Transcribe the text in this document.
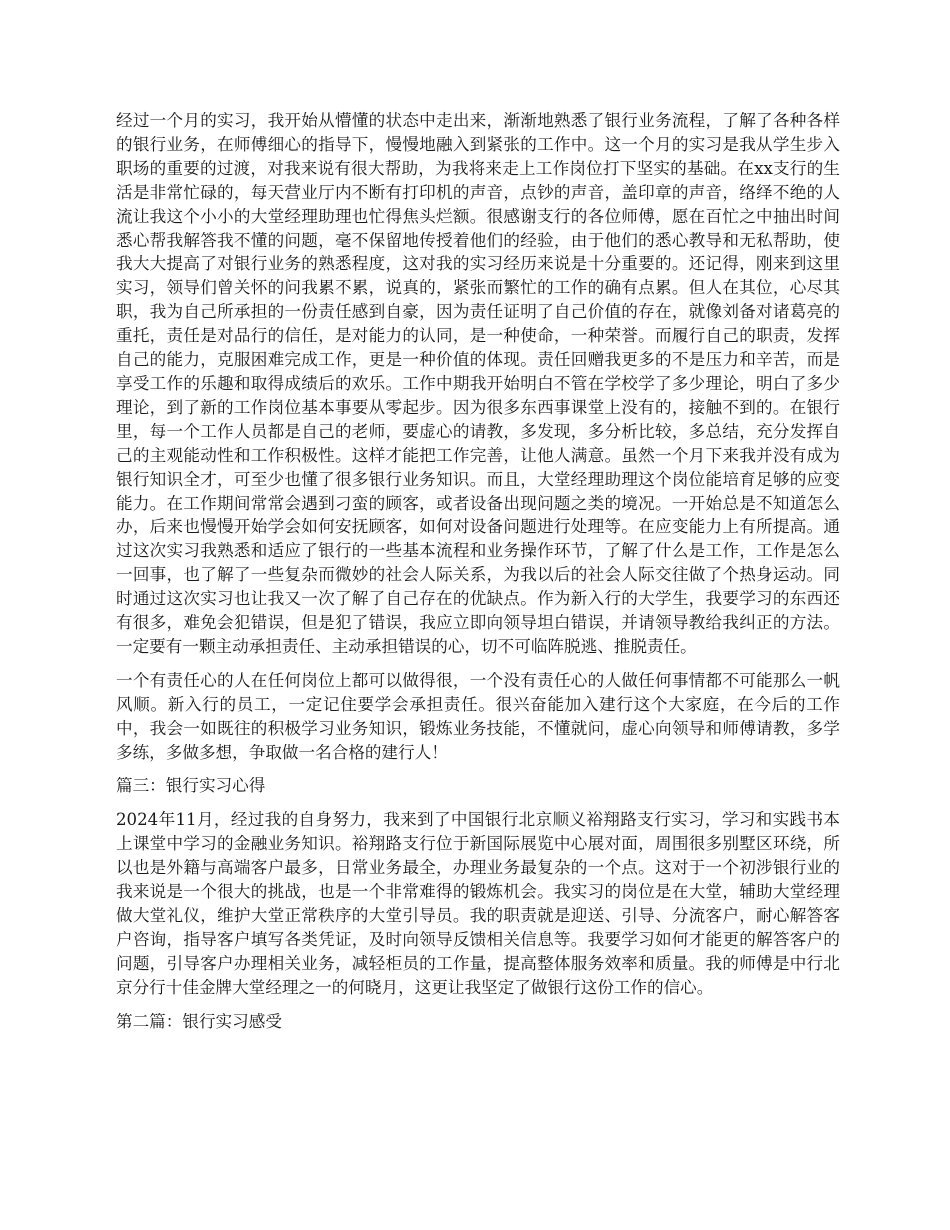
经过一个月的实习，我开始从懵懂的状态中走出来，渐渐地熟悉了银行业务流程，了解了各种各样的银行业务，在师傅细心的指导下，慢慢地融入到紧张的工作中。这一个月的实习是我从学生步入职场的重要的过渡，对我来说有很大帮助，为我将来走上工作岗位打下坚实的基础。在xx支行的生活是非常忙碌的，每天营业厅内不断有打印机的声音，点钞的声音，盖印章的声音，络绎不绝的人流让我这个小小的大堂经理助理也忙得焦头烂额。很感谢支行的各位师傅，愿在百忙之中抽出时间悉心帮我解答我不懂的问题，毫不保留地传授着他们的经验，由于他们的悉心教导和无私帮助，使我大大提高了对银行业务的熟悉程度，这对我的实习经历来说是十分重要的。还记得，刚来到这里实习，领导们曾关怀的问我累不累，说真的，紧张而繁忙的工作的确有点累。但人在其位，心尽其职，我为自己所承担的一份责任感到自豪，因为责任证明了自己价值的存在，就像刘备对诸葛亮的重托，责任是对品行的信任，是对能力的认同，是一种使命，一种荣誉。而履行自己的职责，发挥自己的能力，克服困难完成工作，更是一种价值的体现。责任回赠我更多的不是压力和辛苦，而是享受工作的乐趣和取得成绩后的欢乐。工作中期我开始明白不管在学校学了多少理论，明白了多少理论，到了新的工作岗位基本事要从零起步。因为很多东西事课堂上没有的，接触不到的。在银行里，每一个工作人员都是自己的老师，要虚心的请教，多发现，多分析比较，多总结，充分发挥自己的主观能动性和工作积极性。这样才能把工作完善，让他人满意。虽然一个月下来我并没有成为银行知识全才，可至少也懂了很多银行业务知识。而且，大堂经理助理这个岗位能培育足够的应变能力。在工作期间常常会遇到刁蛮的顾客，或者设备出现问题之类的境况。一开始总是不知道怎么办，后来也慢慢开始学会如何安抚顾客，如何对设备问题进行处理等。在应变能力上有所提高。通过这次实习我熟悉和适应了银行的一些基本流程和业务操作环节，了解了什么是工作，工作是怎么一回事，也了解了一些复杂而微妙的社会人际关系，为我以后的社会人际交往做了个热身运动。同时通过这次实习也让我又一次了解了自己存在的优缺点。作为新入行的大学生，我要学习的东西还有很多，难免会犯错误，但是犯了错误，我应立即向领导坦白错误，并请领导教给我纠正的方法。一定要有一颗主动承担责任、主动承担错误的心，切不可临阵脱逃、推脱责任。

一个有责任心的人在任何岗位上都可以做得很，一个没有责任心的人做任何事情都不可能那么一帆风顺。新入行的员工，一定记住要学会承担责任。很兴奋能加入建行这个大家庭，在今后的工作中，我会一如既往的积极学习业务知识，锻炼业务技能，不懂就问，虚心向领导和师傅请教，多学多练，多做多想，争取做一名合格的建行人！

篇三：银行实习心得

2024年11月，经过我的自身努力，我来到了中国银行北京顺义裕翔路支行实习，学习和实践书本上课堂中学习的金融业务知识。裕翔路支行位于新国际展览中心展对面，周围很多别墅区环绕，所以也是外籍与高端客户最多，日常业务最全，办理业务最复杂的一个点。这对于一个初涉银行业的我来说是一个很大的挑战，也是一个非常难得的锻炼机会。我实习的岗位是在大堂，辅助大堂经理做大堂礼仪，维护大堂正常秩序的大堂引导员。我的职责就是迎送、引导、分流客户，耐心解答客户咨询，指导客户填写各类凭证，及时向领导反馈相关信息等。我要学习如何才能更的解答客户的问题，引导客户办理相关业务，减轻柜员的工作量，提高整体服务效率和质量。我的师傅是中行北京分行十佳金牌大堂经理之一的何晓月，这更让我坚定了做银行这份工作的信心。

第二篇：银行实习感受
